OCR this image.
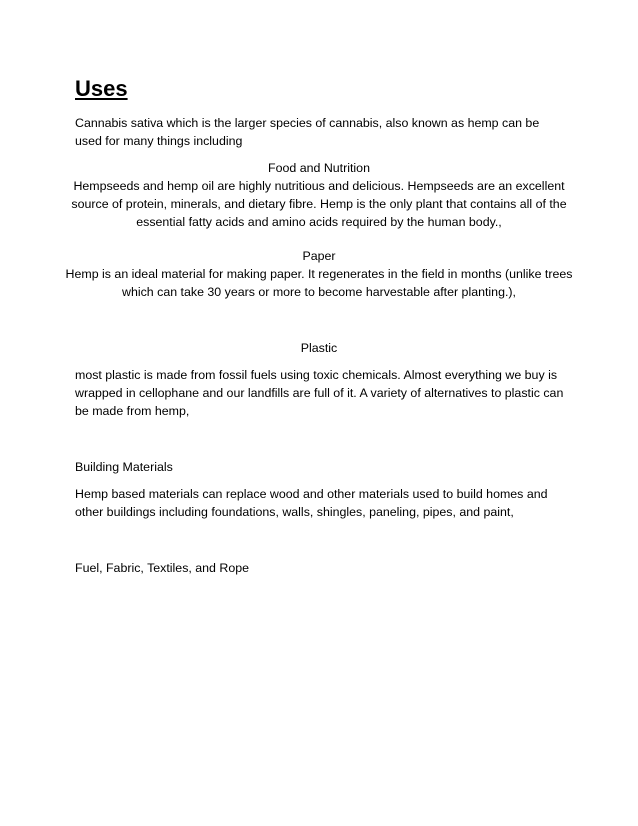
Uses

Cannabis sativa which is the larger species of cannabis, also known as hemp can be used for many things including

Food and Nutrition

Hempseeds and hemp oil are highly nutritious and delicious. Hempseeds are an excellent source of protein, minerals, and dietary fibre. Hemp is the only plant that contains all of the essential fatty acids and amino acids required by the human body.,

Paper

Hemp is an ideal material for making paper. It regenerates in the field in months (unlike trees which can take 30 years or more to become harvestable after planting.),

Plastic

most plastic is made from fossil fuels using toxic chemicals. Almost everything we buy is wrapped in cellophane and our landfills are full of it. A variety of alternatives to plastic can be made from hemp,

Building Materials

Hemp based materials can replace wood and other materials used to build homes and other buildings including foundations, walls, shingles, paneling, pipes, and paint,

Fuel, Fabric, Textiles, and Rope
